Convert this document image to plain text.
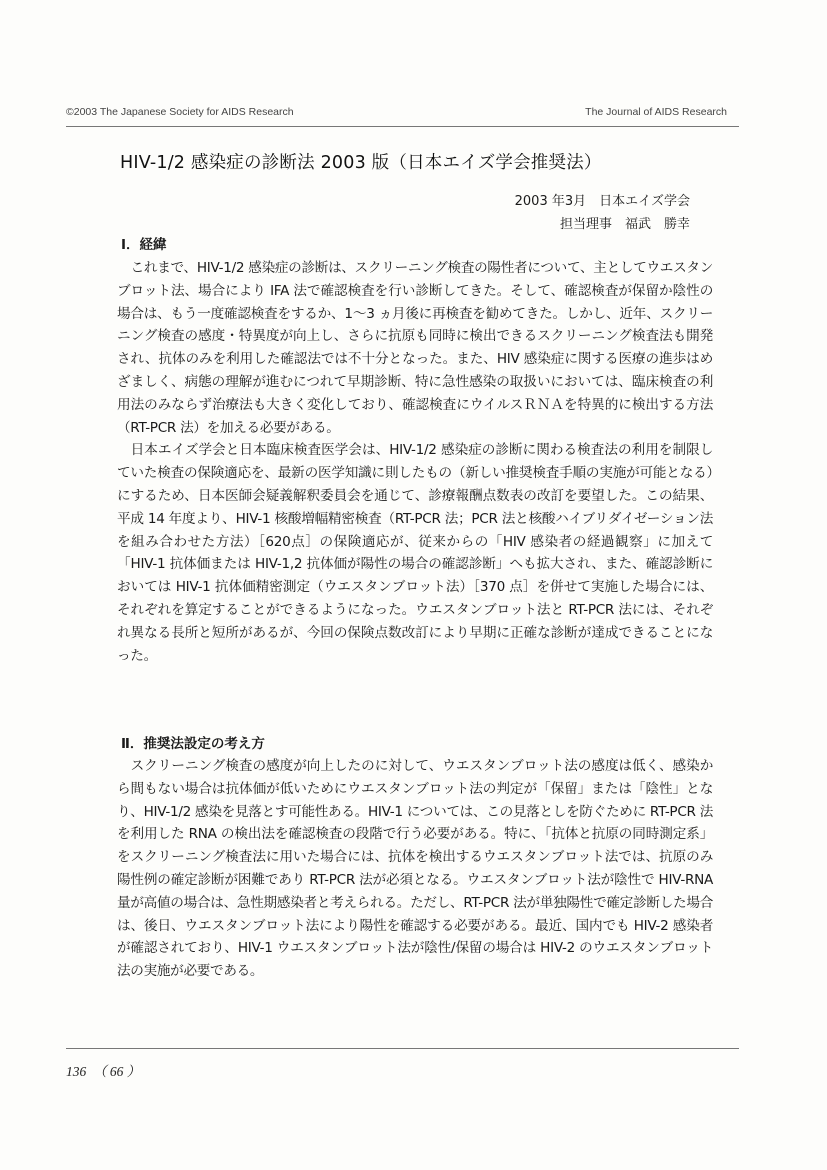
©2003 The Japanese Society for AIDS Research	The Journal of AIDS Research
HIV-1/2 感染症の診断法 2003 版（日本エイズ学会推奨法）
2003 年3月　日本エイズ学会
担当理事　福武　勝幸
Ⅰ．経緯

これまで、HIV-1/2 感染症の診断は、スクリーニング検査の陽性者について、主としてウエスタンブロット法、場合により IFA 法で確認検査を行い診断してきた。そして、確認検査が保留か陰性の場合は、もう一度確認検査をするか、1～3 ヵ月後に再検査を勧めてきた。しかし、近年、スクリーニング検査の感度・特異度が向上し、さらに抗原も同時に検出できるスクリーニング検査法も開発され、抗体のみを利用した確認法では不十分となった。また、HIV 感染症に関する医療の進歩はめざましく、病態の理解が進むにつれて早期診断、特に急性感染の取扱いにおいては、臨床検査の利用法のみならず治療法も大きく変化しており、確認検査にウイルスＲＮＡを特異的に検出する方法（RT-PCR 法）を加える必要がある。

日本エイズ学会と日本臨床検査医学会は、HIV-1/2 感染症の診断に関わる検査法の利用を制限していた検査の保険適応を、最新の医学知識に則したもの（新しい推奨検査手順の実施が可能となる）にするため、日本医師会疑義解釈委員会を通じて、診療報酬点数表の改訂を要望した。この結果、平成 14 年度より、HIV-1 核酸増幅精密検査（RT-PCR 法；PCR 法と核酸ハイブリダイゼーション法を組み合わせた方法）［620点］の保険適応が、従来からの「HIV 感染者の経過観察」に加えて「HIV-1 抗体価または HIV-1,2 抗体価が陽性の場合の確認診断」へも拡大され、また、確認診断においては HIV-1 抗体価精密測定（ウエスタンブロット法）［370 点］を併せて実施した場合には、それぞれを算定することができるようになった。ウエスタンブロット法と RT-PCR 法には、それぞれ異なる長所と短所があるが、今回の保険点数改訂により早期に正確な診断が達成できることになった。

Ⅱ．推奨法設定の考え方

スクリーニング検査の感度が向上したのに対して、ウエスタンブロット法の感度は低く、感染から間もない場合は抗体価が低いためにウエスタンブロット法の判定が「保留」または「陰性」となり、HIV-1/2 感染を見落とす可能性ある。HIV-1 については、この見落としを防ぐために RT-PCR 法を利用した RNA の検出法を確認検査の段階で行う必要がある。特に、「抗体と抗原の同時測定系」をスクリーニング検査法に用いた場合には、抗体を検出するウエスタンブロット法では、抗原のみ陽性例の確定診断が困難であり RT-PCR 法が必須となる。ウエスタンブロット法が陰性で HIV-RNA 量が高値の場合は、急性期感染者と考えられる。ただし、RT-PCR 法が単独陽性で確定診断した場合は、後日、ウエスタンブロット法により陽性を確認する必要がある。最近、国内でも HIV-2 感染者が確認されており、HIV-1 ウエスタンブロット法が陰性/保留の場合は HIV-2 のウエスタンブロット法の実施が必要である。

136 （ 66 ）
